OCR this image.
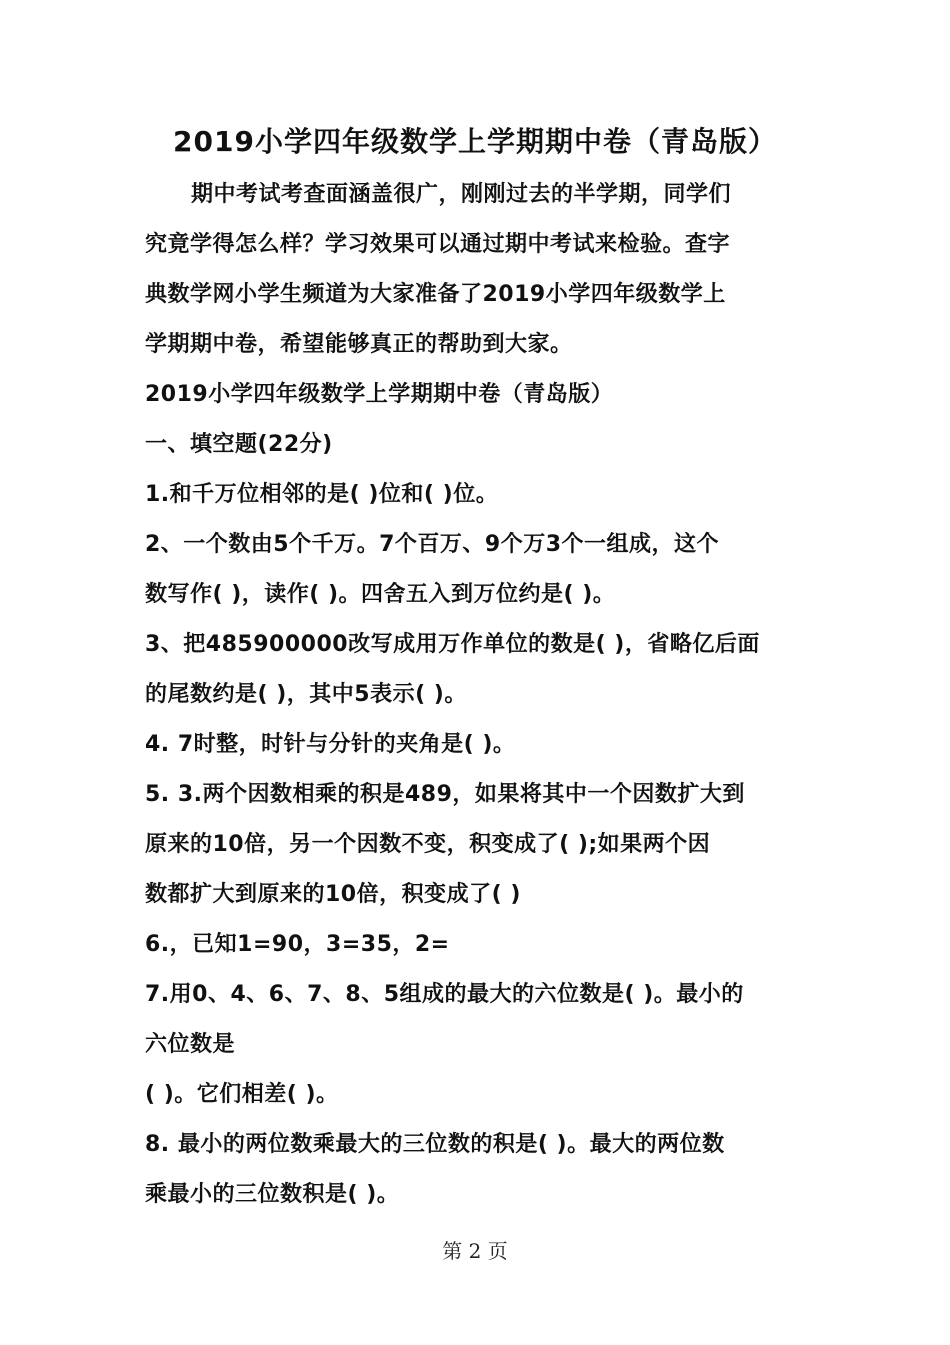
2019小学四年级数学上学期期中卷（青岛版）
期中考试考查面涵盖很广，刚刚过去的半学期，同学们
究竟学得怎么样？学习效果可以通过期中考试来检验。查字
典数学网小学生频道为大家准备了2019小学四年级数学上
学期期中卷，希望能够真正的帮助到大家。
2019小学四年级数学上学期期中卷（青岛版）
一、填空题(22分)
1.和千万位相邻的是( )位和( )位。
2、一个数由5个千万。7个百万、9个万3个一组成，这个
数写作( )，读作( )。四舍五入到万位约是( )。
3、把485900000改写成用万作单位的数是( )，省略亿后面
的尾数约是( )，其中5表示( )。
4. 7时整，时针与分针的夹角是( )。
5. 3.两个因数相乘的积是489，如果将其中一个因数扩大到
原来的10倍，另一个因数不变，积变成了( );如果两个因
数都扩大到原来的10倍，积变成了( )
6.，已知1=90，3=35，2=
7.用0、4、6、7、8、5组成的最大的六位数是( )。最小的
六位数是
( )。它们相差( )。
8. 最小的两位数乘最大的三位数的积是( )。最大的两位数
乘最小的三位数积是( )。
第 2 页
